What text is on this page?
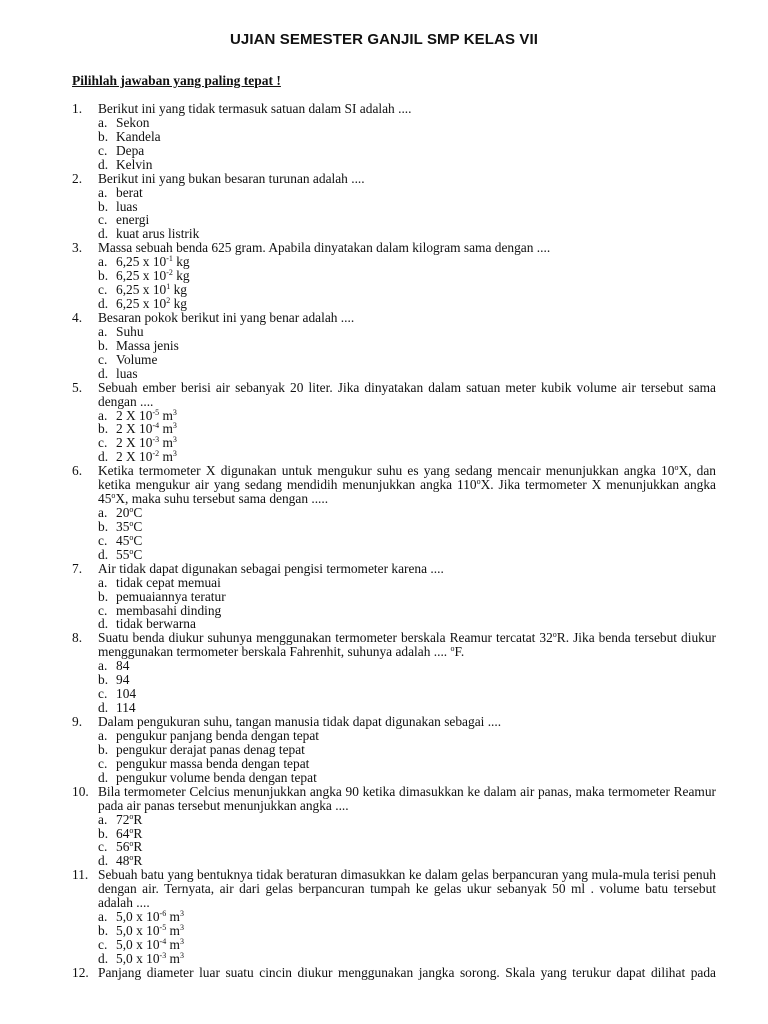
UJIAN SEMESTER GANJIL SMP KELAS VII
Pilihlah jawaban yang paling tepat !
1. Berikut ini yang tidak termasuk satuan dalam SI adalah ....
a. Sekon
b. Kandela
c. Depa
d. Kelvin
2. Berikut ini yang bukan besaran turunan adalah ....
a. berat
b. luas
c. energi
d. kuat arus listrik
3. Massa sebuah benda 625 gram. Apabila dinyatakan dalam kilogram sama dengan ....
a. 6,25 x $10^{-1}$ kg
b. 6,25 x $10^{-2}$ kg
c. 6,25 x $10^1$ kg
d. 6,25 x $10^2$ kg
4. Besaran pokok berikut ini yang benar adalah ....
a. Suhu
b. Massa jenis
c. Volume
d. luas
5. Sebuah ember berisi air sebanyak 20 liter. Jika dinyatakan dalam satuan meter kubik volume air tersebut sama dengan ....
a. 2 X $10^{-5}$ $m^3$
b. 2 X $10^{-4}$ $m^3$
c. 2 X $10^{-3}$ $m^3$
d. 2 X $10^{-2}$ $m^3$
6. Ketika termometer X digunakan untuk mengukur suhu es yang sedang mencair menunjukkan angka 10$^o$X, dan ketika mengukur air yang sedang mendidih menunjukkan angka 110$^o$X. Jika termometer X menunjukkan angka 45$^o$X, maka suhu tersebut sama dengan .....
a. 20$^o$C
b. 35$^o$C
c. 45$^o$C
d. 55$^o$C
7. Air tidak dapat digunakan sebagai pengisi termometer karena ....
a. tidak cepat memuai
b. pemuaiannya teratur
c. membasahi dinding
d. tidak berwarna
8. Suatu benda diukur suhunya menggunakan termometer berskala Reamur tercatat 32$^o$R. Jika benda tersebut diukur menggunakan termometer berskala Fahrenhit, suhunya adalah .... $^o$F.
a. 84
b. 94
c. 104
d. 114
9. Dalam pengukuran suhu, tangan manusia tidak dapat digunakan sebagai ....
a. pengukur panjang benda dengan tepat
b. pengukur derajat panas denag tepat
c. pengukur massa benda dengan tepat
d. pengukur volume benda dengan tepat
10. Bila termometer Celcius menunjukkan angka 90 ketika dimasukkan ke dalam air panas, maka termometer Reamur pada air panas tersebut menunjukkan angka ....
a. 72$^o$R
b. 64$^o$R
c. 56$^o$R
d. 48$^o$R
11. Sebuah batu yang bentuknya tidak beraturan dimasukkan ke dalam gelas berpancuran yang mula-mula terisi penuh dengan air. Ternyata, air dari gelas berpancuran tumpah ke gelas ukur sebanyak 50 ml . volume batu tersebut adalah ....
a. 5,0 x $10^{-6}$ $m^3$
b. 5,0 x $10^{-5}$ $m^3$
c. 5,0 x $10^{-4}$ $m^3$
d. 5,0 x $10^{-3}$ $m^3$
12. Panjang diameter luar suatu cincin diukur menggunakan jangka sorong. Skala yang terukur dapat dilihat pada
